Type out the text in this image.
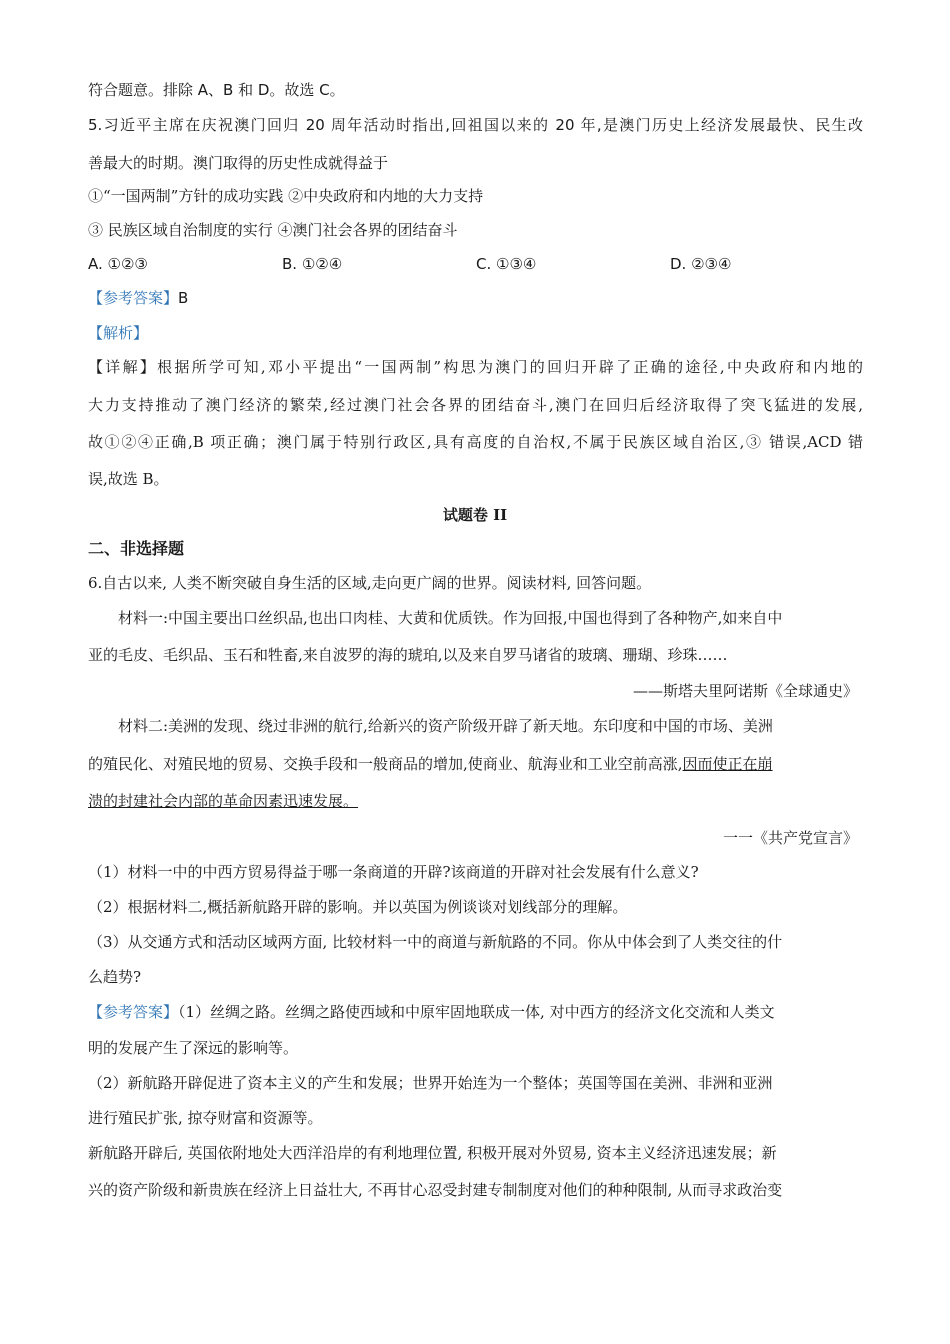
符合题意。排除 A、B 和 D。故选 C。

5.习近平主席在庆祝澳门回归 20 周年活动时指出,回祖国以来的 20 年,是澳门历史上经济发展最快、民生改

善最大的时期。澳门取得的历史性成就得益于

①“一国两制”方针的成功实践 ②中央政府和内地的大力支持

③ 民族区域自治制度的实行 ④澳门社会各界的团结奋斗

A. ①②③	B. ①②④	C. ①③④	D. ②③④

【参考答案】B

【解析】

【详解】根据所学可知,邓小平提出“一国两制”构思为澳门的回归开辟了正确的途径,中央政府和内地的

大力支持推动了澳门经济的繁荣,经过澳门社会各界的团结奋斗,澳门在回归后经济取得了突飞猛进的发展,

故①②④正确,B 项正确；澳门属于特别行政区,具有高度的自治权,不属于民族区域自治区,③ 错误,ACD 错

误,故选 B。

试题卷 II

二、非选择题

6.自古以来, 人类不断突破自身生活的区域,走向更广阔的世界。阅读材料, 回答问题。

材料一:中国主要出口丝织品,也出口肉桂、大黄和优质铁。作为回报,中国也得到了各种物产,如来自中

亚的毛皮、毛织品、玉石和牲畜,来自波罗的海的琥珀,以及来自罗马诸省的玻璃、珊瑚、珍珠……

——斯塔夫里阿诺斯《全球通史》

材料二:美洲的发现、绕过非洲的航行,给新兴的资产阶级开辟了新天地。东印度和中国的市场、美洲

的殖民化、对殖民地的贸易、交换手段和一般商品的增加,使商业、航海业和工业空前高涨,因而使正在崩

溃的封建社会内部的革命因素迅速发展。

一一《共产党宣言》

（1）材料一中的中西方贸易得益于哪一条商道的开辟?该商道的开辟对社会发展有什么意义?

（2）根据材料二,概括新航路开辟的影响。并以英国为例谈谈对划线部分的理解。

（3）从交通方式和活动区域两方面, 比较材料一中的商道与新航路的不同。你从中体会到了人类交往的什

么趋势?

【参考答案】（1）丝绸之路。丝绸之路使西域和中原牢固地联成一体, 对中西方的经济文化交流和人类文

明的发展产生了深远的影响等。

（2）新航路开辟促进了资本主义的产生和发展；世界开始连为一个整体；英国等国在美洲、非洲和亚洲

进行殖民扩张, 掠夺财富和资源等。

新航路开辟后, 英国依附地处大西洋沿岸的有利地理位置, 积极开展对外贸易, 资本主义经济迅速发展；新

兴的资产阶级和新贵族在经济上日益壮大, 不再甘心忍受封建专制制度对他们的种种限制, 从而寻求政治变
